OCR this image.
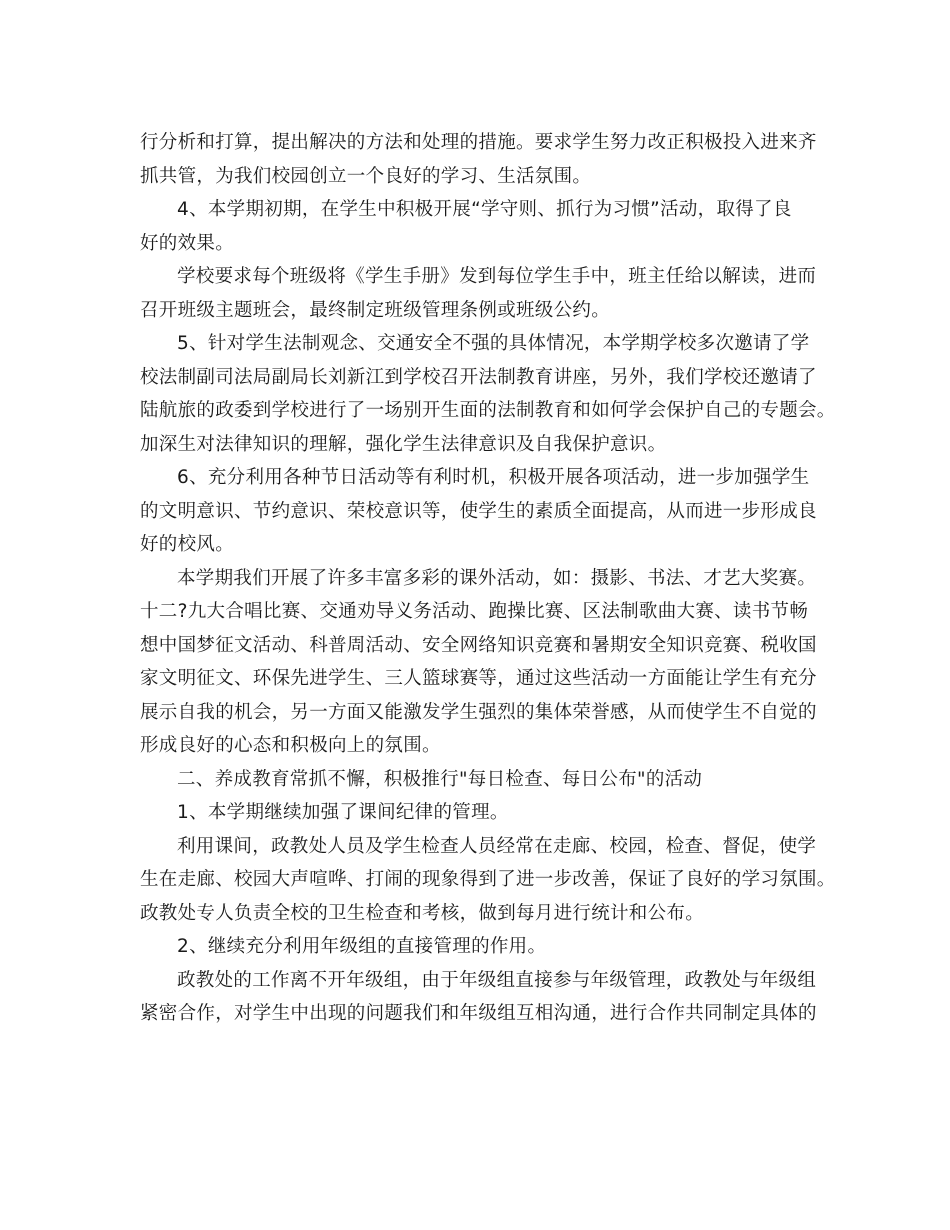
行分析和打算，提出解决的方法和处理的措施。要求学生努力改正积极投入进来齐
抓共管，为我们校园创立一个良好的学习、生活氛围。
4、本学期初期，在学生中积极开展“学守则、抓行为习惯”活动，取得了良
好的效果。
学校要求每个班级将《学生手册》发到每位学生手中，班主任给以解读，进而
召开班级主题班会，最终制定班级管理条例或班级公约。
5、针对学生法制观念、交通安全不强的具体情况，本学期学校多次邀请了学
校法制副司法局副局长刘新江到学校召开法制教育讲座，另外，我们学校还邀请了
陆航旅的政委到学校进行了一场别开生面的法制教育和如何学会保护自己的专题会。
加深生对法律知识的理解，强化学生法律意识及自我保护意识。
6、充分利用各种节日活动等有利时机，积极开展各项活动，进一步加强学生
的文明意识、节约意识、荣校意识等，使学生的素质全面提高，从而进一步形成良
好的校风。
本学期我们开展了许多丰富多彩的课外活动，如：摄影、书法、才艺大奖赛。
十二?九大合唱比赛、交通劝导义务活动、跑操比赛、区法制歌曲大赛、读书节畅
想中国梦征文活动、科普周活动、安全网络知识竞赛和暑期安全知识竞赛、税收国
家文明征文、环保先进学生、三人篮球赛等，通过这些活动一方面能让学生有充分
展示自我的机会，另一方面又能激发学生强烈的集体荣誉感，从而使学生不自觉的
形成良好的心态和积极向上的氛围。
二、养成教育常抓不懈，积极推行"每日检查、每日公布"的活动
1、本学期继续加强了课间纪律的管理。
利用课间，政教处人员及学生检查人员经常在走廊、校园，检查、督促，使学
生在走廊、校园大声喧哗、打闹的现象得到了进一步改善，保证了良好的学习氛围。
政教处专人负责全校的卫生检查和考核，做到每月进行统计和公布。
2、继续充分利用年级组的直接管理的作用。
政教处的工作离不开年级组，由于年级组直接参与年级管理，政教处与年级组
紧密合作，对学生中出现的问题我们和年级组互相沟通，进行合作共同制定具体的
